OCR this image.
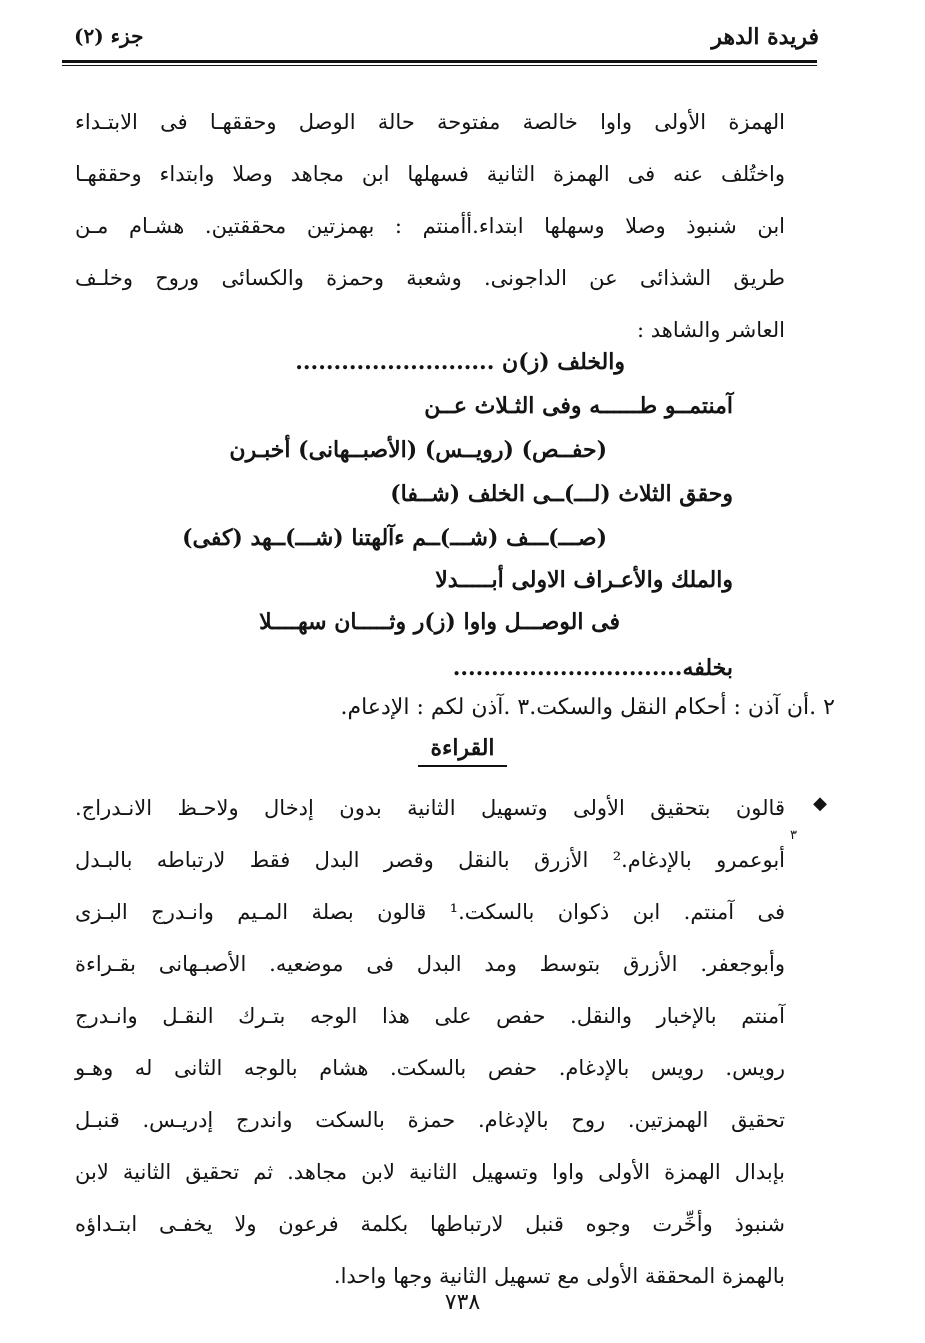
فريدة الدهر
جزء (٢)
الهمزة الأولى واوا خالصة مفتوحة حالة الوصل وحققهـا فى الابتـداء
واختُلف عنه فى الهمزة الثانية فسهلها ابن مجاهد وصلا وابتداء وحققهـا
ابن شنبوذ وصلا وسهلها ابتداء.أأمنتم : بهمزتين محققتين. هشـام مـن
طريق الشذائى عن الداجونى. وشعبة وحمزة والكسائى وروح وخلـف
العاشر والشاهد :
والخلف (ز)ن ..........................
آمنتمــو طــــــه وفى الثـلاث عــن
(حفــص) (رويــس) (الأصبــهانى) أخبـرن
وحقق الثلاث (لـــ)ــى الخلف (شــفا)
(صـــ)ـــف (شـــ)ــم ءآلهتنا (شـــ)ــهد (كفى)
والملك والأعـراف الاولى أبـــــدلا
فى الوصـــل واوا (ز)ر وثـــــان سهــــلا
بخلفه..............................
٢ .أن آذن : أحكام النقل والسكت.٣ .آذن لكم : الإدعام.
القراءة
◆
قالون بتحقيق الأولى وتسهيل الثانية بدون إدخال ولاحـظ الانـدراج.
أبوعمرو بالإدغام.² الأزرق بالنقل وقصر البدل فقط لارتباطه بالبـدل
فى آمنتم. ابن ذكوان بالسكت.¹ قالون بصلة المـيم وانـدرج البـزى
وأبوجعفر. الأزرق بتوسط ومد البدل فى موضعيه. الأصبـهانى بقـراءة
آمنتم بالإخبار والنقل. حفص على هذا الوجه بتـرك النقـل وانـدرج
رويس. رويس بالإدغام. حفص بالسكت. هشام بالوجه الثانى له وهـو
تحقيق الهمزتين. روح بالإدغام. حمزة بالسكت واندرج إدريـس. قنبـل
بإبدال الهمزة الأولى واوا وتسهيل الثانية لابن مجاهد. ثم تحقيق الثانية لابن
شنبوذ وأخِّرت وجوه قنبل لارتباطها بكلمة فرعون ولا يخفـى ابتـداؤه
بالهمزة المحققة الأولى مع تسهيل الثانية وجها واحدا.
٣
٧٣٨
